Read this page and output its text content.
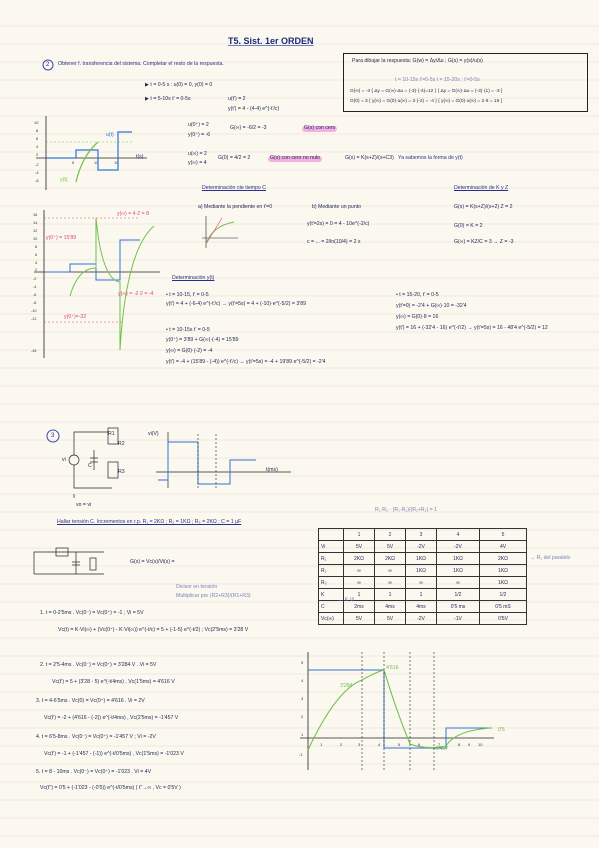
T5. Sist. 1er ORDEN
2 Obtener f. transferencia del sistema. Completar el resto de la respuesta.	Para dibujar la respuesta: G(w) = Δy/Δu ; G(s) = y(s)/u(s)
t = 10-15s t'=0-5s t = 15-20s ; t'=0-5s
G(∞) = -3 { Δy = G(∞)·Δu = (-3)·(-4)=12 } { Δy = G(∞)·Δu = (-3)·(1) = -3 }
G(0) = 3 { y(∞) = G(0)·u(∞) = 3·(-2) = -4 } { y(∞) = G(0)·u(∞) = 2·8 = 16 }
▶ t = 0-5 s : u(0) = 0, y(0) = 0
▶ t = 5-10s t' = 0-5s	u(t') = 2
y(t') = 4 - (4-4) e^(-t'/c)
10
8
6
4
2
-2
-4
-6
5	10	15
u(t)
y(t)
t(s)
u(0⁺) = 2
y(0⁺) = -6
G(∞) = -6/2 = -3	G(s) con cero
u(∞) = 2
y(∞) = 4
G(0) = 4/2 = 2	G(s) con cero no nulo	G(s) = K(s+Z)/(s+C3) Ya sabemos la forma de y(t)
16
14
12
10
8
6
4
2
-2
-4
-6
-8
-10
-12
-34
y(∞) = 4·2 = 8
y(∞) = -2·2 = -4
y(0⁺) = 15'89
y(0⁺)=-32
Determinación cte tiempo C
a) Mediante la pendiente en t'=0	b) Mediante un punto
y(t'=2s) = 0 = 4 - 10e^(-2/c)
c = ... = 2/ln(10/4) = 2 s
Determinación de K y Z
G(s) = K(s+Z)/(s+2) Z = 2
G(0) = K = 2
G(∞) = KZ/C = 3 → Z = -3
Determinación y(t)
• t = 10-15, t' = 0-5
y(t') = 4 + (-6-4) e^(-t'/c) → y(t'=5s) = 4 + (-10)·e^(-5/2) = 3'89
• t = 10-15s t' = 0-5
y(0⁺) = 3'89 + G(∞)·(-4) = 15'89
y(∞) = G(0)·(-2) = -4
y(t') = -4 + (15'89 - (-4)) e^(-t'/c) → y(t'=5s) = -4 + 19'89 e^(-5/2) = -2'4
• t = 15-20, t' = 0-5
y(t'=0) = -2'4 + G(∞)·10 = -32'4
y(∞) = G(0)·8 = 16
y(t') = 16 + (-32'4 - 16) e^(-t'/2) → y(t'=5s) = 16 - 48'4 e^(-5/2) = 12
3	R1
R2
R3
C
vi
vo = vi
vi(V)
t(ms)
Hallar tensión C. Incrementos en r.p. R₁ = 2KΩ ; R₂ = 1KΩ ; R₃ = 2KΩ ; C = 1 µF
R₁·R₂ · (R₁·R₂)/(R₁+R₂) = 1
G(s) = Vc(s)/Vi(s) =
Divisor en tensión
Multiplicar por (R2+R3)/(R1+R3)
	1	2	3	4	5
Vi	5V	5V	-2V	-2V	4V
R₁	2KΩ	2KΩ	1KΩ	1KΩ	2KΩ
R₂	∞	∞	1KΩ	1KΩ	1KΩ
R₃	∞	∞	∞	∞	1KΩ
K	1	1	1	1/2	1/2
C	2ms	4ms	4ms	0'5 ms	0'5 mS
Vc(∞)	5V	5V	-2V	-1V	0'5V
→ R₁ del paralelo
← K·Vi
1. t = 0-2'5ms . Vc(0⁻) = Vc(0⁺) = -1 ; Vi = 5V
Vc(t) = K·Vi(∞) + (Vc(0⁺) - K·Vi(∞)) e^(-t/c) = 5 + (-1-5) e^(-t/2) ; Vc(2'5ms) = 3'28 V
2. t = 2'5-4ms . Vc(0⁻) = Vc(0⁺) = 3'284 V . Vi = 5V
Vc(t') = 5 + (3'28 - 5) e^(-t/4ms) , Vc(1'5ms) = 4'616 V
3. t = 4-6'5ms . Vc(0) = Vc(0⁺) = 4'616 . Vi = 2V
Vc(t') = -2 + (4'616 - (-2)) e^(-t/4ms) , Vc(2'5ms) = -1'457 V
4. t = 6'5-8ms . Vc(0⁻) = Vc(0⁺) = -1'457 V ; Vi = -2V
Vc(t') = -1 + (-1'457 - (-1)) e^(-t/0'5ms) , Vc(1'5ms) = -1'023 V
5. t = 8 - 10ms . Vc(0⁻) = Vc(0⁺) = -1'023 . Vi = 4V
Vc(t'') = 0'5 + (-1'023 - (-0'5)) e^(-t/0'5ms) ( t''→∞ , Vc = 0'5V )
5
4
3
2
1
-1
1	2	3	4	5	6	7	8 9 10
4'616
-1'457
0'5
3'284
